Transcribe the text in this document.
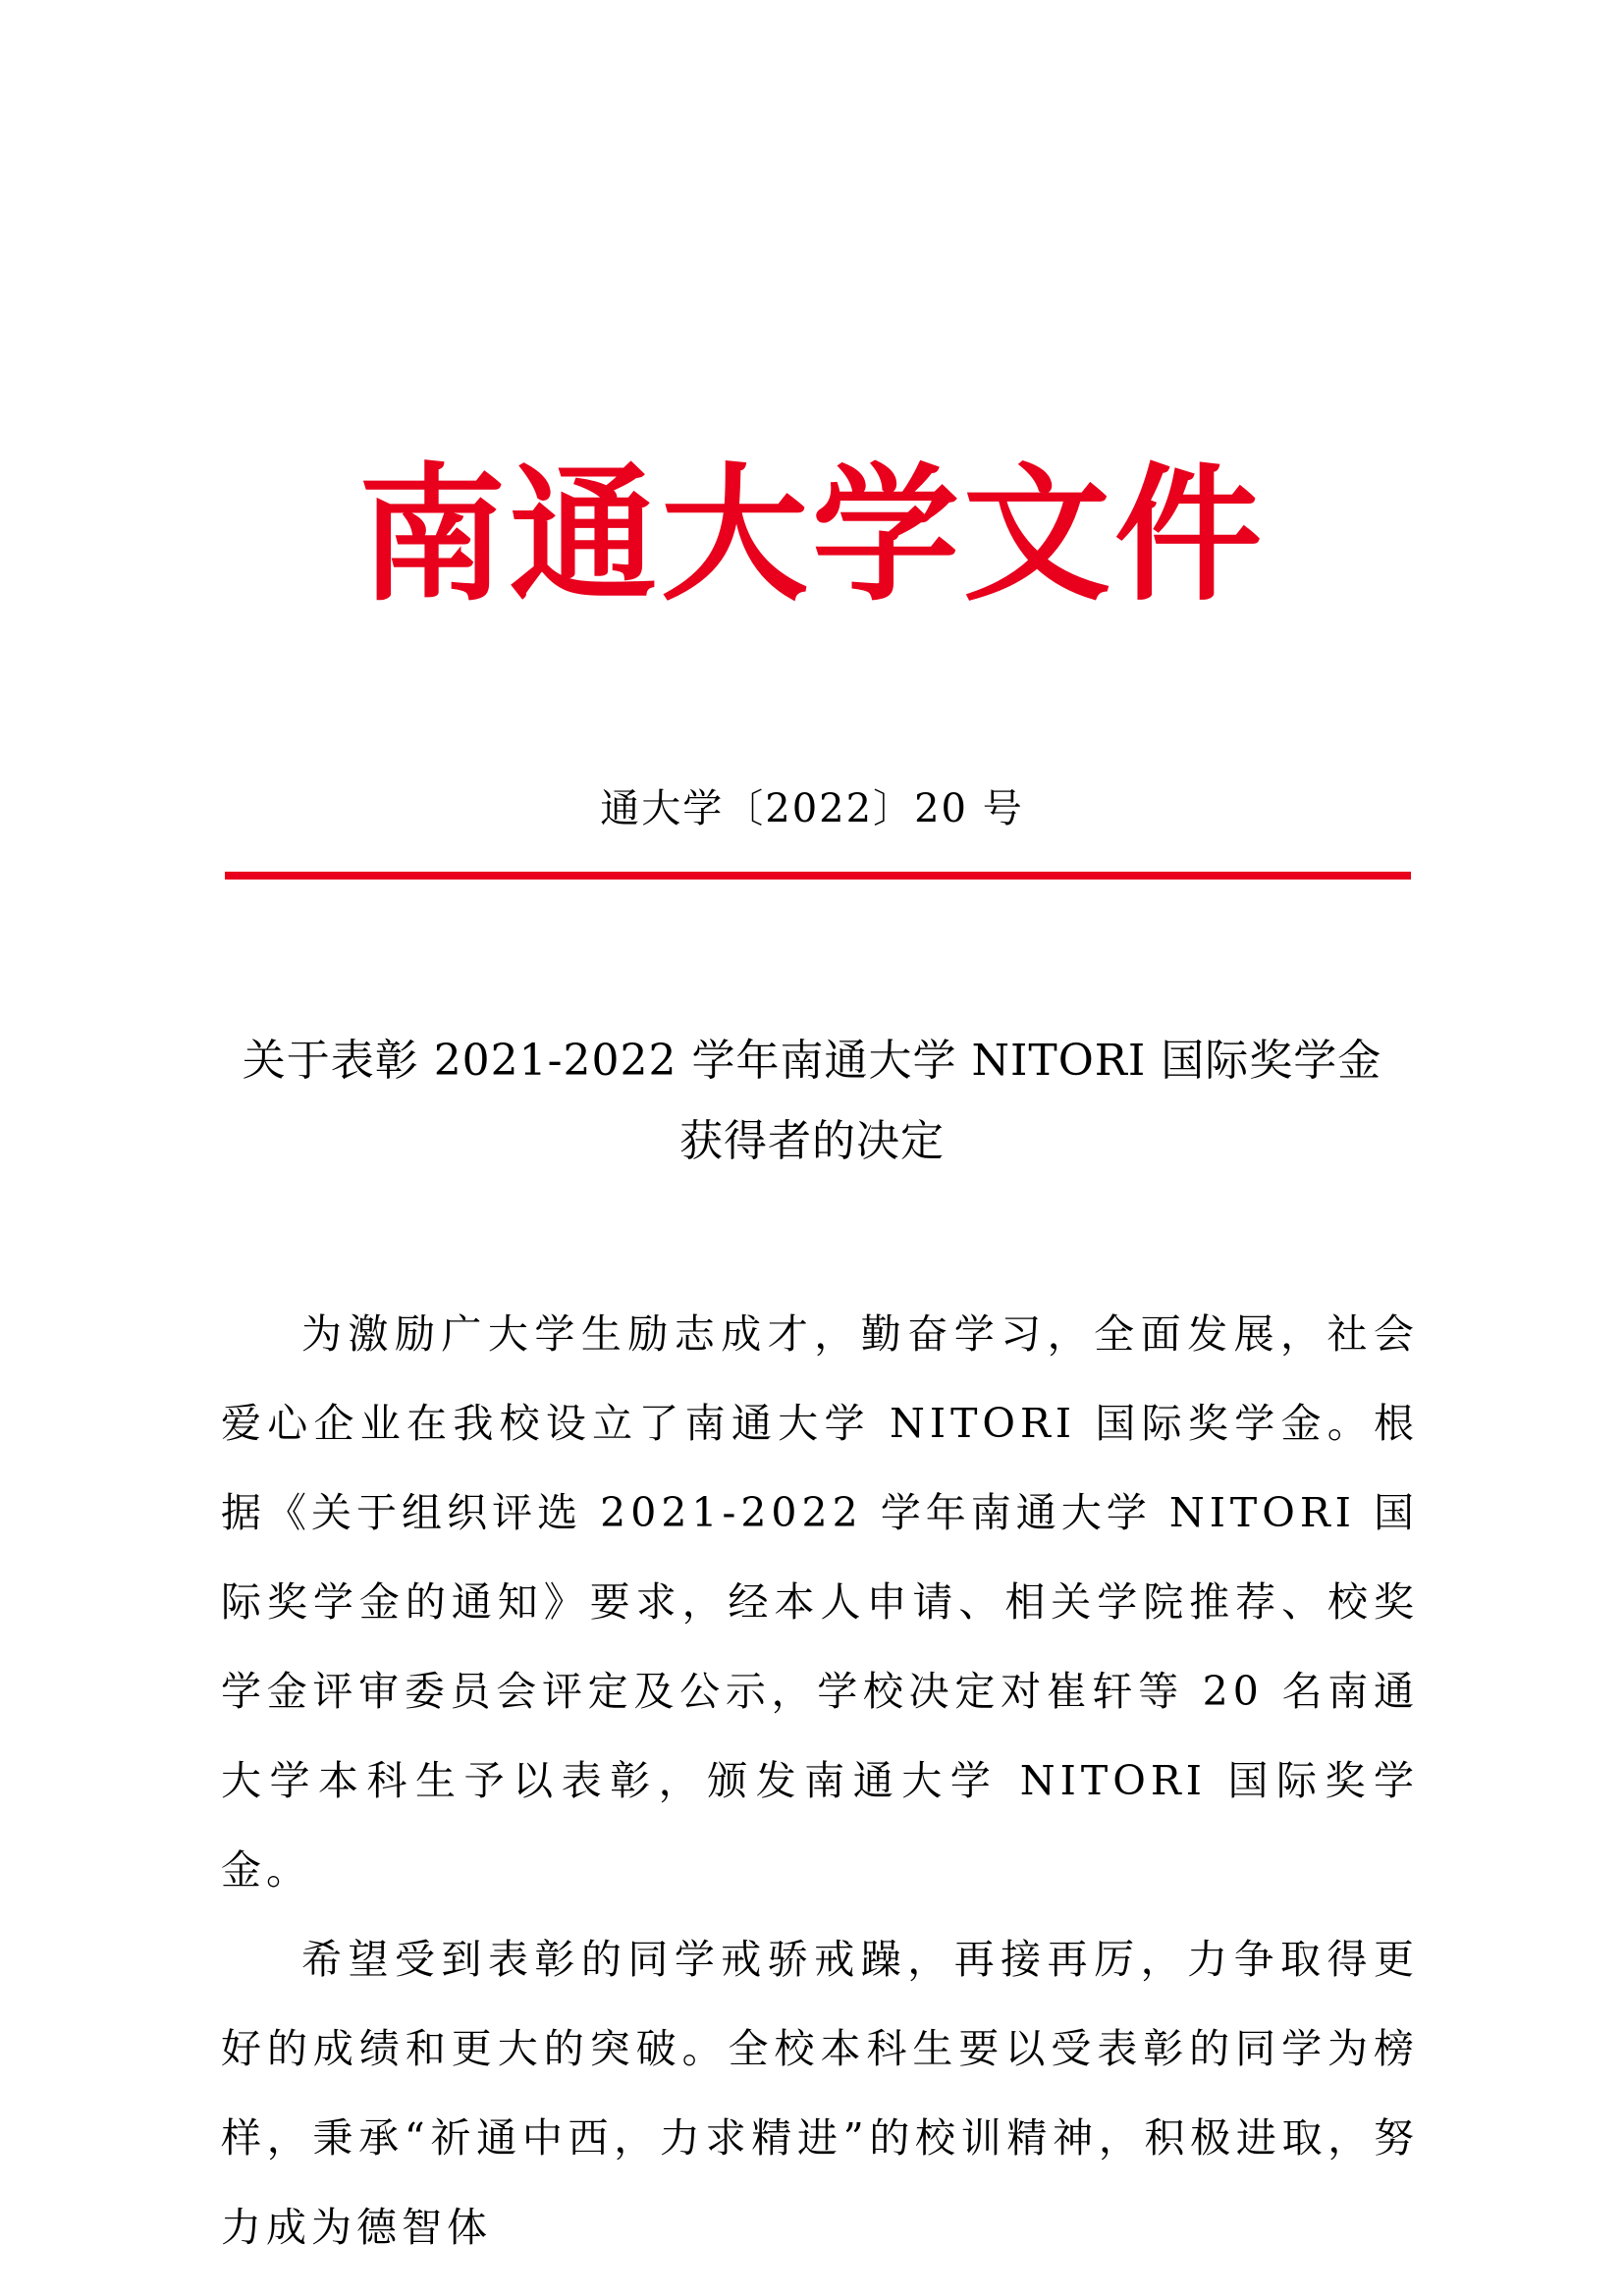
南通大学文件
通大学〔2022〕20 号
关于表彰 2021-2022 学年南通大学 NITORI 国际奖学金
获得者的决定

为激励广大学生励志成才，勤奋学习，全面发展，社会爱心企业在我校设立了南通大学 NITORI 国际奖学金。根据《关于组织评选 2021-2022 学年南通大学 NITORI 国际奖学金的通知》要求，经本人申请、相关学院推荐、校奖学金评审委员会评定及公示，学校决定对崔轩等 20 名南通大学本科生予以表彰，颁发南通大学 NITORI 国际奖学金。

希望受到表彰的同学戒骄戒躁，再接再厉，力争取得更好的成绩和更大的突破。全校本科生要以受表彰的同学为榜样，秉承“祈通中西，力求精进”的校训精神，积极进取，努力成为德智体
